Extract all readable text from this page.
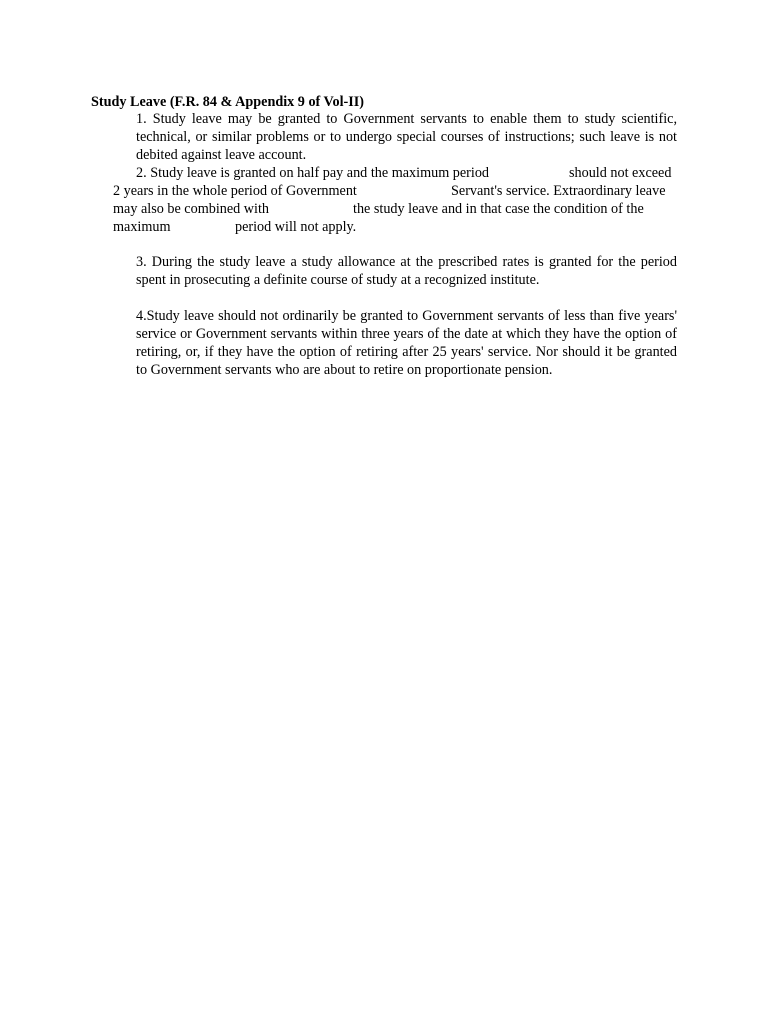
Study Leave (F.R. 84 & Appendix 9 of Vol-II)

1. Study leave may be granted to Government servants to enable them to study scientific, technical, or similar problems or to undergo special courses of instructions; such leave is not debited against leave account.

2. Study leave is granted on half pay and the maximum period	should not exceed
2 years in the whole period of Government	Servant's service. Extraordinary leave
may also be combined with	the study leave and in that case the condition of the
maximum	period will not apply.

3. During the study leave a study allowance at the prescribed rates is granted for the period spent in prosecuting a definite course of study at a recognized institute.

4.Study leave should not ordinarily be granted to Government servants of less than five years' service or Government servants within three years of the date at which they have the option of retiring, or, if they have the option of retiring after 25 years' service. Nor should it be granted to Government servants who are about to retire on proportionate pension.
